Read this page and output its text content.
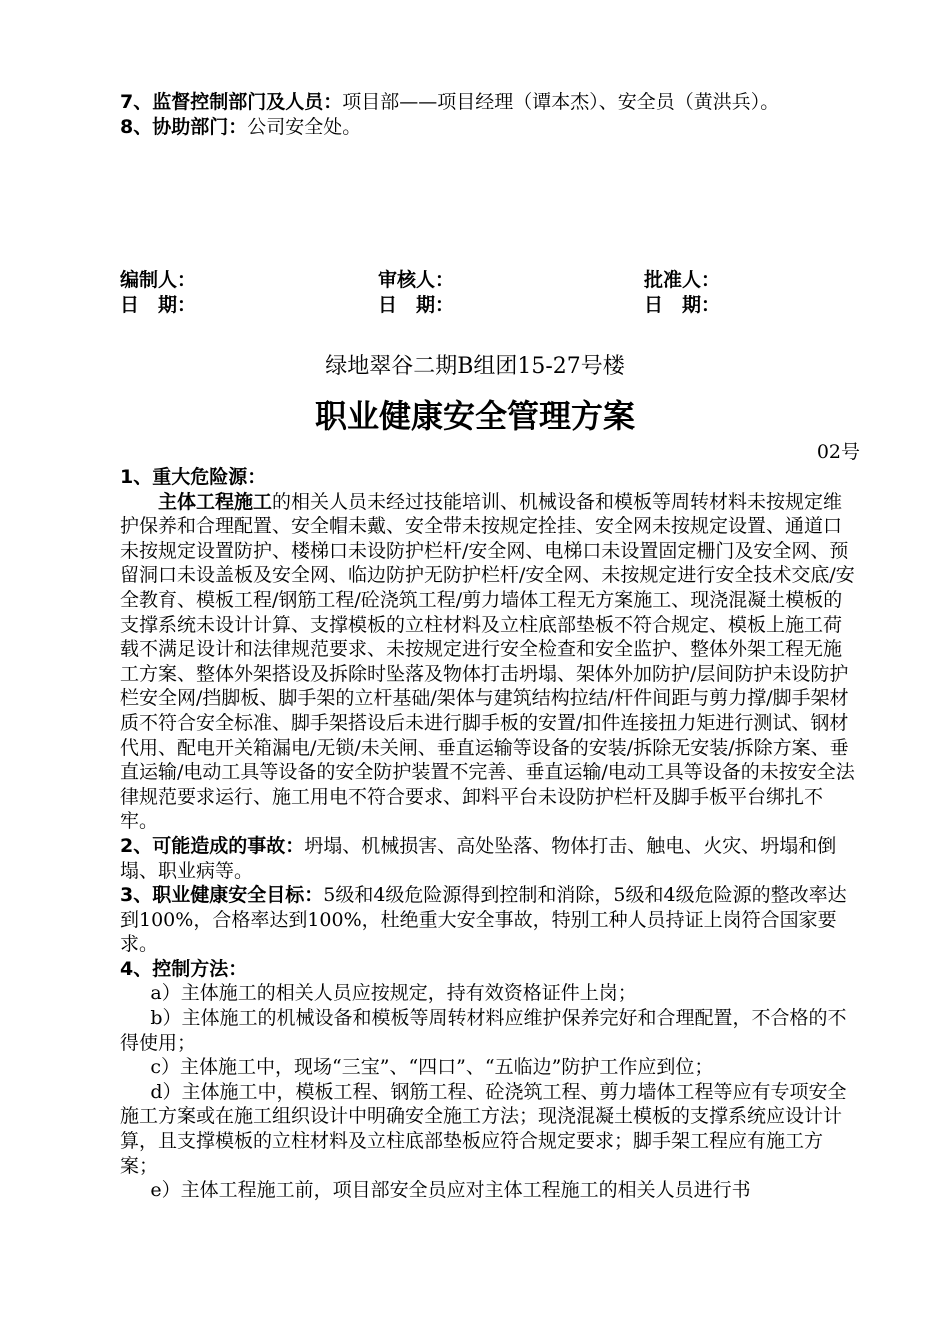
7、监督控制部门及人员：项目部——项目经理（谭本杰）、安全员（黄洪兵）。

8、协助部门：公司安全处。

编制人：	审核人：	批准人：
日　期：	日　期：	日　期：
绿地翠谷二期B组团15-27号楼
职业健康安全管理方案
02号

1、重大危险源：

主体工程施工的相关人员未经过技能培训、机械设备和模板等周转材料未按规定维护保养和合理配置、安全帽未戴、安全带未按规定拴挂、安全网未按规定设置、通道口未按规定设置防护、楼梯口未设防护栏杆/安全网、电梯口未设置固定栅门及安全网、预留洞口未设盖板及安全网、临边防护无防护栏杆/安全网、未按规定进行安全技术交底/安全教育、模板工程/钢筋工程/砼浇筑工程/剪力墙体工程无方案施工、现浇混凝土模板的支撑系统未设计计算、支撑模板的立柱材料及立柱底部垫板不符合规定、模板上施工荷载不满足设计和法律规范要求、未按规定进行安全检查和安全监护、整体外架工程无施工方案、整体外架搭设及拆除时坠落及物体打击坍塌、架体外加防护/层间防护未设防护栏安全网/挡脚板、脚手架的立杆基础/架体与建筑结构拉结/杆件间距与剪力撑/脚手架材质不符合安全标准、脚手架搭设后未进行脚手板的安置/扣件连接扭力矩进行测试、钢材代用、配电开关箱漏电/无锁/未关闸、垂直运输等设备的安装/拆除无安装/拆除方案、垂直运输/电动工具等设备的安全防护装置不完善、垂直运输/电动工具等设备的未按安全法律规范要求运行、施工用电不符合要求、卸料平台未设防护栏杆及脚手板平台绑扎不牢。

2、可能造成的事故：坍塌、机械损害、高处坠落、物体打击、触电、火灾、坍塌和倒塌、职业病等。

3、职业健康安全目标：5级和4级危险源得到控制和消除，5级和4级危险源的整改率达到100%，合格率达到100%，杜绝重大安全事故，特别工种人员持证上岗符合国家要求。

4、控制方法：

a）主体施工的相关人员应按规定，持有效资格证件上岗；

b）主体施工的机械设备和模板等周转材料应维护保养完好和合理配置，不合格的不得使用；

c）主体施工中，现场“三宝”、“四口”、“五临边”防护工作应到位；

d）主体施工中，模板工程、钢筋工程、砼浇筑工程、剪力墙体工程等应有专项安全施工方案或在施工组织设计中明确安全施工方法；现浇混凝土模板的支撑系统应设计计算，且支撑模板的立柱材料及立柱底部垫板应符合规定要求；脚手架工程应有施工方案；

e）主体工程施工前，项目部安全员应对主体工程施工的相关人员进行书
